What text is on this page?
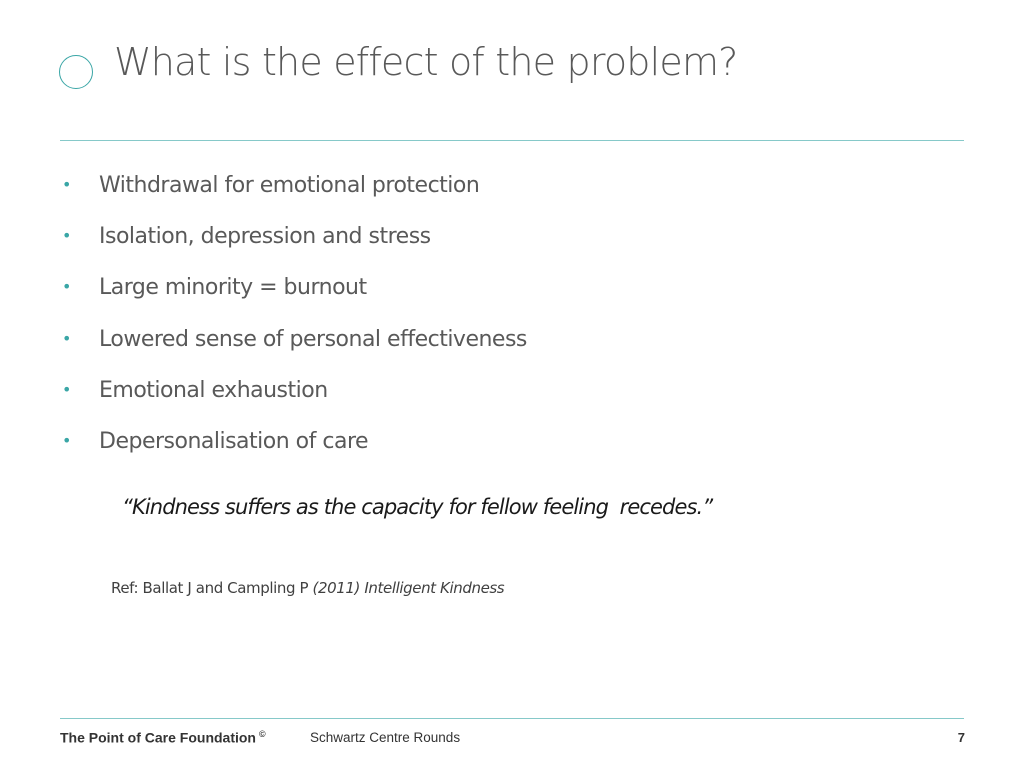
What is the effect of the problem?
•	Withdrawal for emotional protection
•	Isolation, depression and stress
•	Large minority = burnout
•	Lowered sense of personal effectiveness
•	Emotional exhaustion
•	Depersonalisation of care
“Kindness suffers as the capacity for fellow feeling  recedes.”
Ref: Ballat J and Campling P (2011) Intelligent Kindness
The Point of Care Foundation ©	Schwartz Centre Rounds	7
